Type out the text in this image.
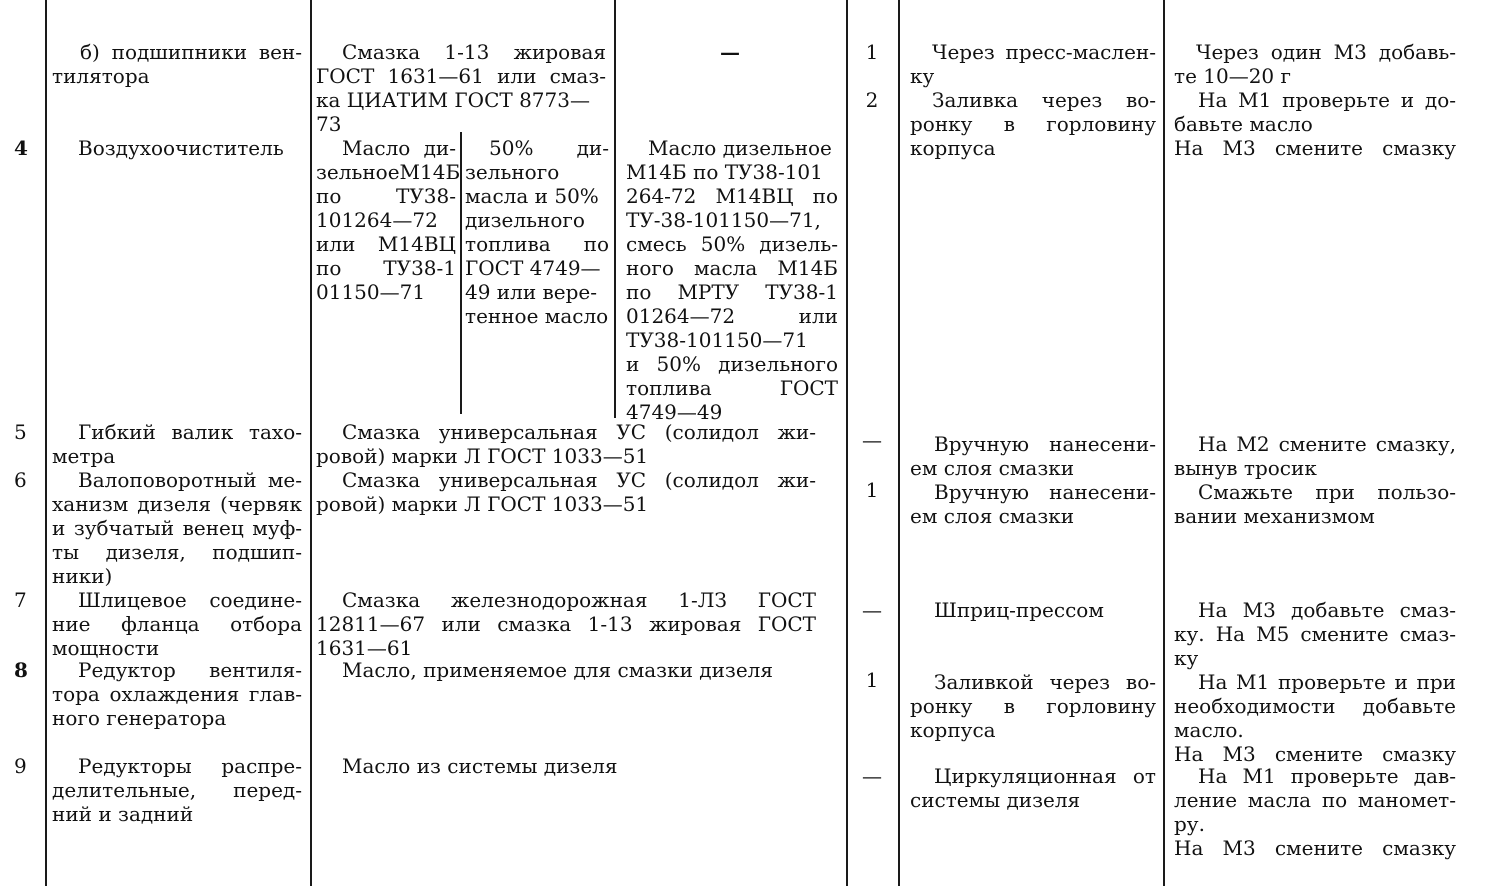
4
5
6
7
8
9
б) подшипники вен-
тилятора
Воздухоочиститель
Гибкий валик тахо-
метра
Валоповоротный ме-
ханизм дизеля (червяк
и зубчатый венец муф-
ты дизеля, подшип-
ники)
Шлицевое соедине-
ние фланца отбора
мощности
Редуктор вентиля-
тора охлаждения глав-
ного генератора
Редукторы распре-
делительные, перед-
ний и задний
Смазка 1-13 жировая
ГОСТ 1631—61 или смаз-
ка ЦИАТИМ ГОСТ 8773—
73
—
Масло ди-
зельноеМ14Б
по ТУ38-
101264—72
или М14ВЦ
по ТУ38-1
01150—71
50% ди-
зельного
масла и 50%
дизельного
топлива по
ГОСТ 4749—
49 или вере-
тенное масло
Масло дизельное
М14Б по ТУ38-101
264-72 М14ВЦ по
ТУ-38-101150—71,
смесь 50% дизель-
ного масла М14Б
по МРТУ ТУ38-1
01264—72 или
ТУ38-101150—71
и 50% дизельного
топлива ГОСТ
4749—49
Смазка универсальная УС (солидол жи-
ровой) марки Л ГОСТ 1033—51
Смазка универсальная УС (солидол жи-
ровой) марки Л ГОСТ 1033—51
Смазка железнодорожная 1-ЛЗ ГОСТ
12811—67 или смазка 1-13 жировая ГОСТ
1631—61
Масло, применяемое для смазки дизеля
Масло из системы дизеля
1
2
—
1
—
1
—
Через пресс-маслен-
ку
Заливка через во-
ронку в горловину
корпуса
Вручную нанесени-
ем слоя смазки
Вручную нанесени-
ем слоя смазки
Шприц-прессом
Заливкой через во-
ронку в горловину
корпуса
Циркуляционная от
системы дизеля
Через один М3 добавь-
те 10—20 г
На М1 проверьте и до-
бавьте масло
На М3 смените смазку
На М2 смените смазку,
вынув тросик
Смажьте при пользо-
вании механизмом
На М3 добавьте смаз-
ку. На М5 смените смаз-
ку
На М1 проверьте и при
необходимости добавьте
масло.
На М3 смените смазку
На М1 проверьте дав-
ление масла по маномет-
ру.
На М3 смените смазку
